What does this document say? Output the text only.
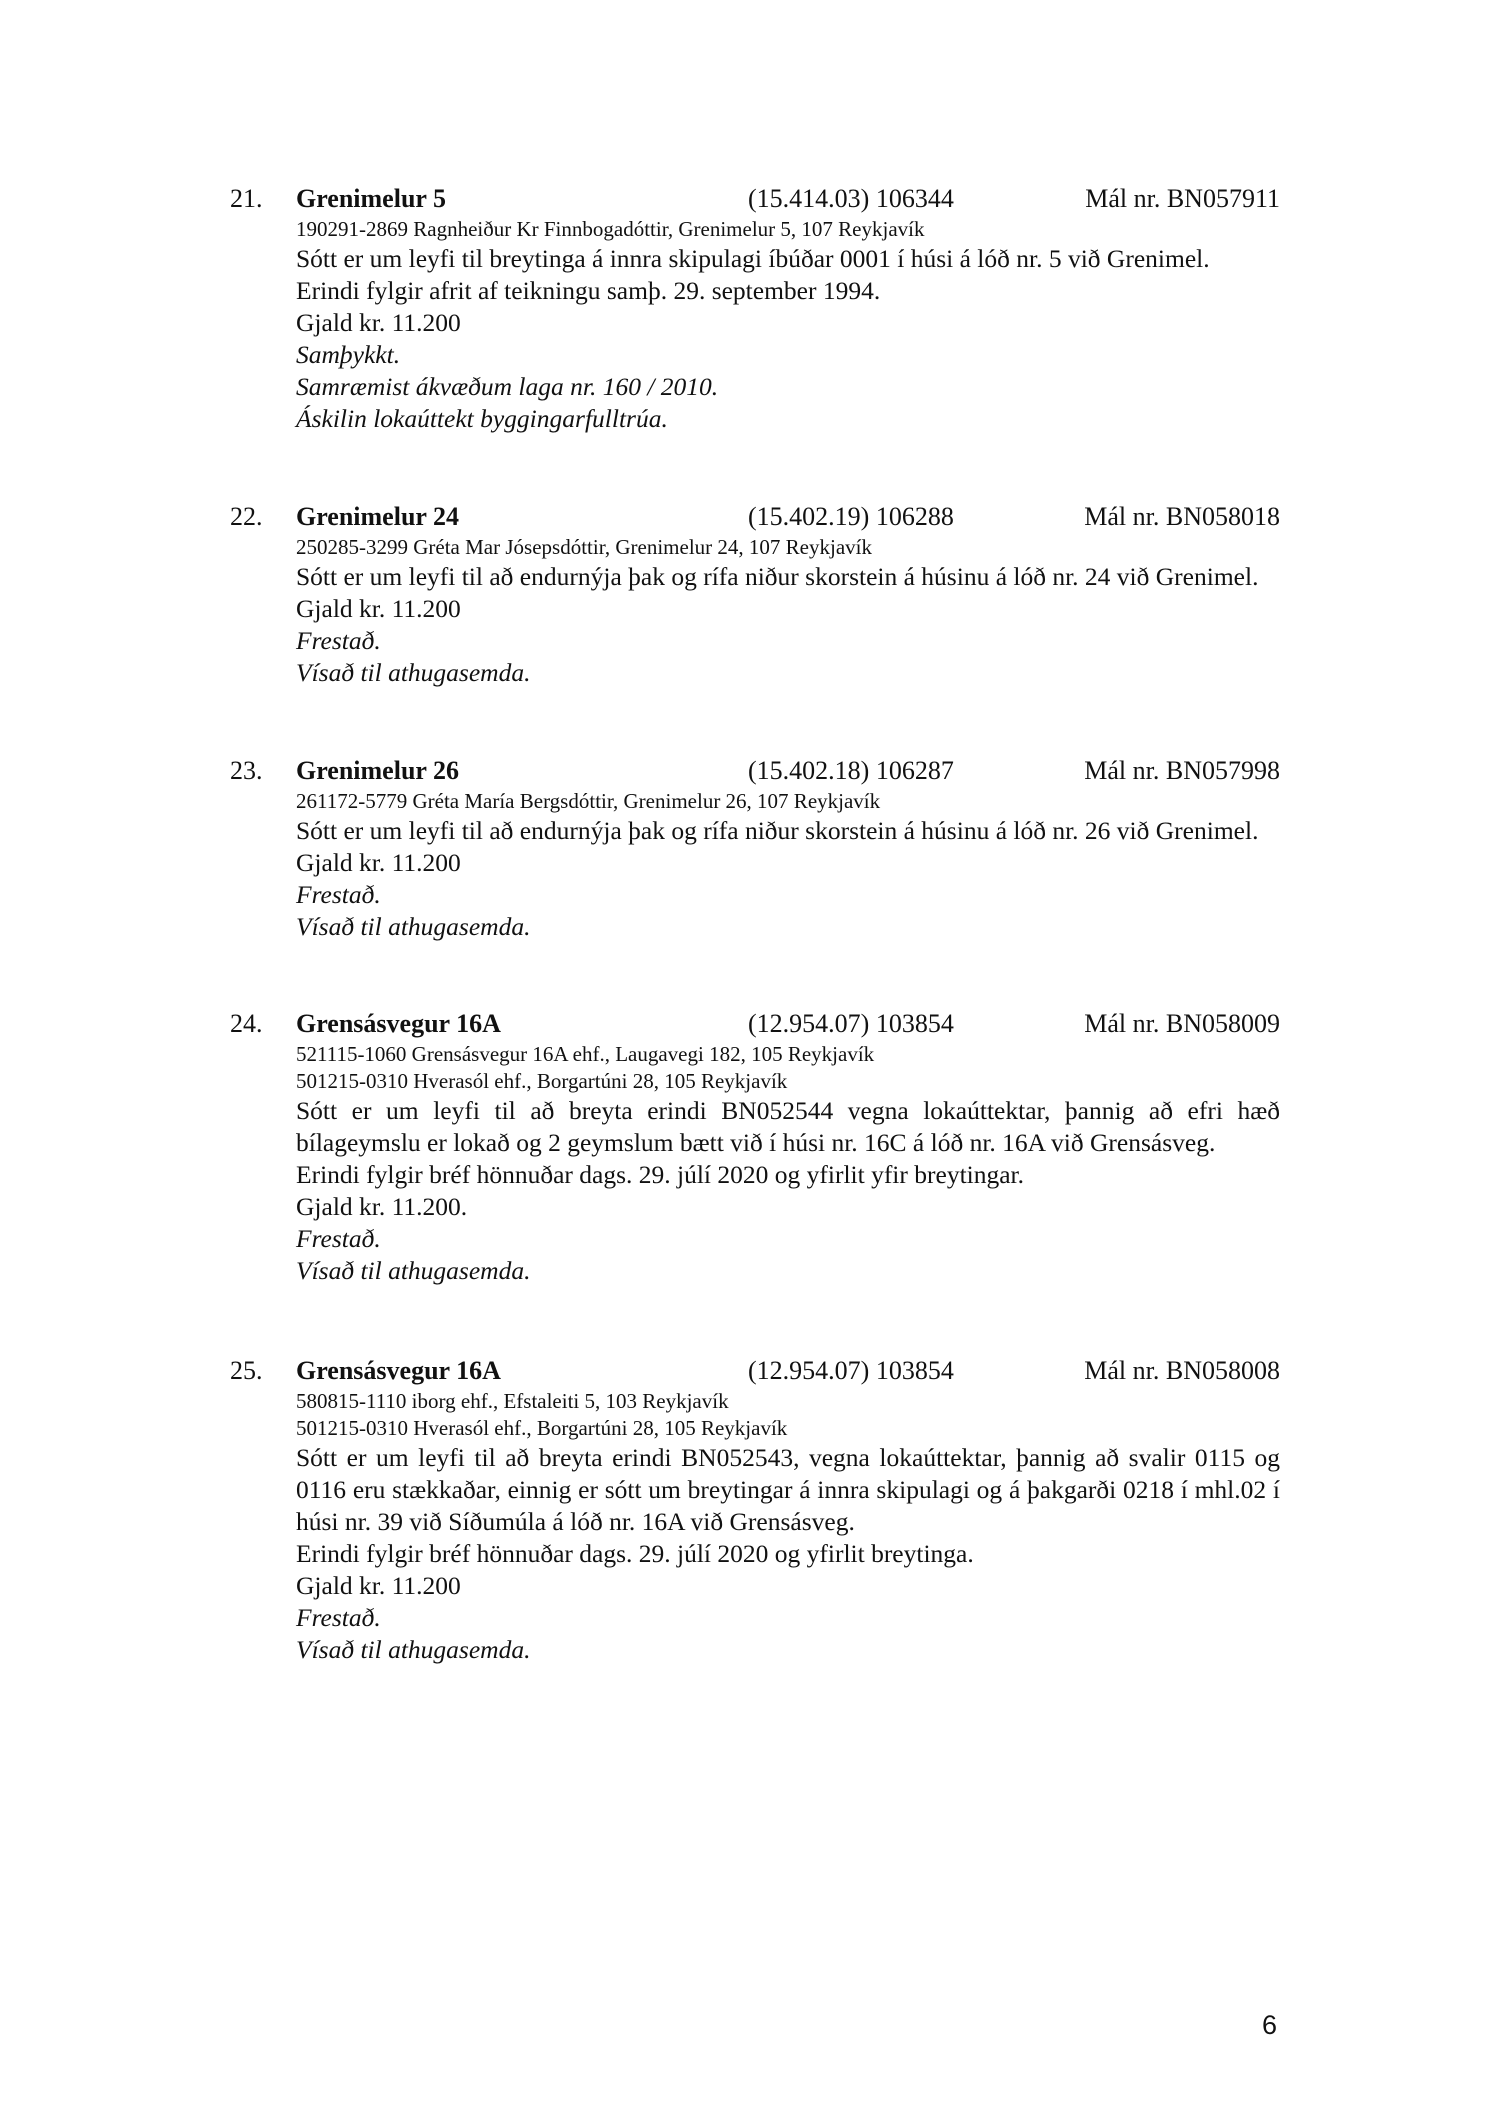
21. Grenimelur 5	(15.414.03) 106344	Mál nr. BN057911
190291-2869 Ragnheiður Kr Finnbogadóttir, Grenimelur 5, 107 Reykjavík
Sótt er um leyfi til breytinga á innra skipulagi íbúðar 0001 í húsi á lóð nr. 5 við Grenimel.
Erindi fylgir afrit af teikningu samþ. 29. september 1994.
Gjald kr. 11.200
Samþykkt.
Samræmist ákvæðum laga nr. 160 / 2010.
Áskilin lokaúttekt byggingarfulltrúa.
22. Grenimelur 24	(15.402.19) 106288	Mál nr. BN058018
250285-3299 Gréta Mar Jósepsdóttir, Grenimelur 24, 107 Reykjavík
Sótt er um leyfi til að endurnýja þak og rífa niður skorstein á húsinu á lóð nr. 24 við Grenimel.
Gjald kr. 11.200
Frestað.
Vísað til athugasemda.
23. Grenimelur 26	(15.402.18) 106287	Mál nr. BN057998
261172-5779 Gréta María Bergsdóttir, Grenimelur 26, 107 Reykjavík
Sótt er um leyfi til að endurnýja þak og rífa niður skorstein á húsinu á lóð nr. 26 við Grenimel.
Gjald kr. 11.200
Frestað.
Vísað til athugasemda.
24. Grensásvegur 16A	(12.954.07) 103854	Mál nr. BN058009
521115-1060 Grensásvegur 16A ehf., Laugavegi 182, 105 Reykjavík
501215-0310 Hverasól ehf., Borgartúni 28, 105 Reykjavík
Sótt er um leyfi til að breyta erindi BN052544 vegna lokaúttektar, þannig að efri hæð bílageymslu er lokað og 2 geymslum bætt við í húsi nr. 16C á lóð nr. 16A við Grensásveg.
Erindi fylgir bréf hönnuðar dags. 29. júlí 2020 og yfirlit yfir breytingar.
Gjald kr. 11.200.
Frestað.
Vísað til athugasemda.
25. Grensásvegur 16A	(12.954.07) 103854	Mál nr. BN058008
580815-1110 iborg ehf., Efstaleiti 5, 103 Reykjavík
501215-0310 Hverasól ehf., Borgartúni 28, 105 Reykjavík
Sótt er um leyfi til að breyta erindi BN052543, vegna lokaúttektar, þannig að svalir 0115 og 0116 eru stækkaðar, einnig er sótt um breytingar á innra skipulagi og á þakgarði 0218 í mhl.02 í húsi nr. 39 við Síðumúla á lóð nr. 16A við Grensásveg.
Erindi fylgir bréf hönnuðar dags. 29. júlí 2020 og yfirlit breytinga.
Gjald kr. 11.200
Frestað.
Vísað til athugasemda.
6
